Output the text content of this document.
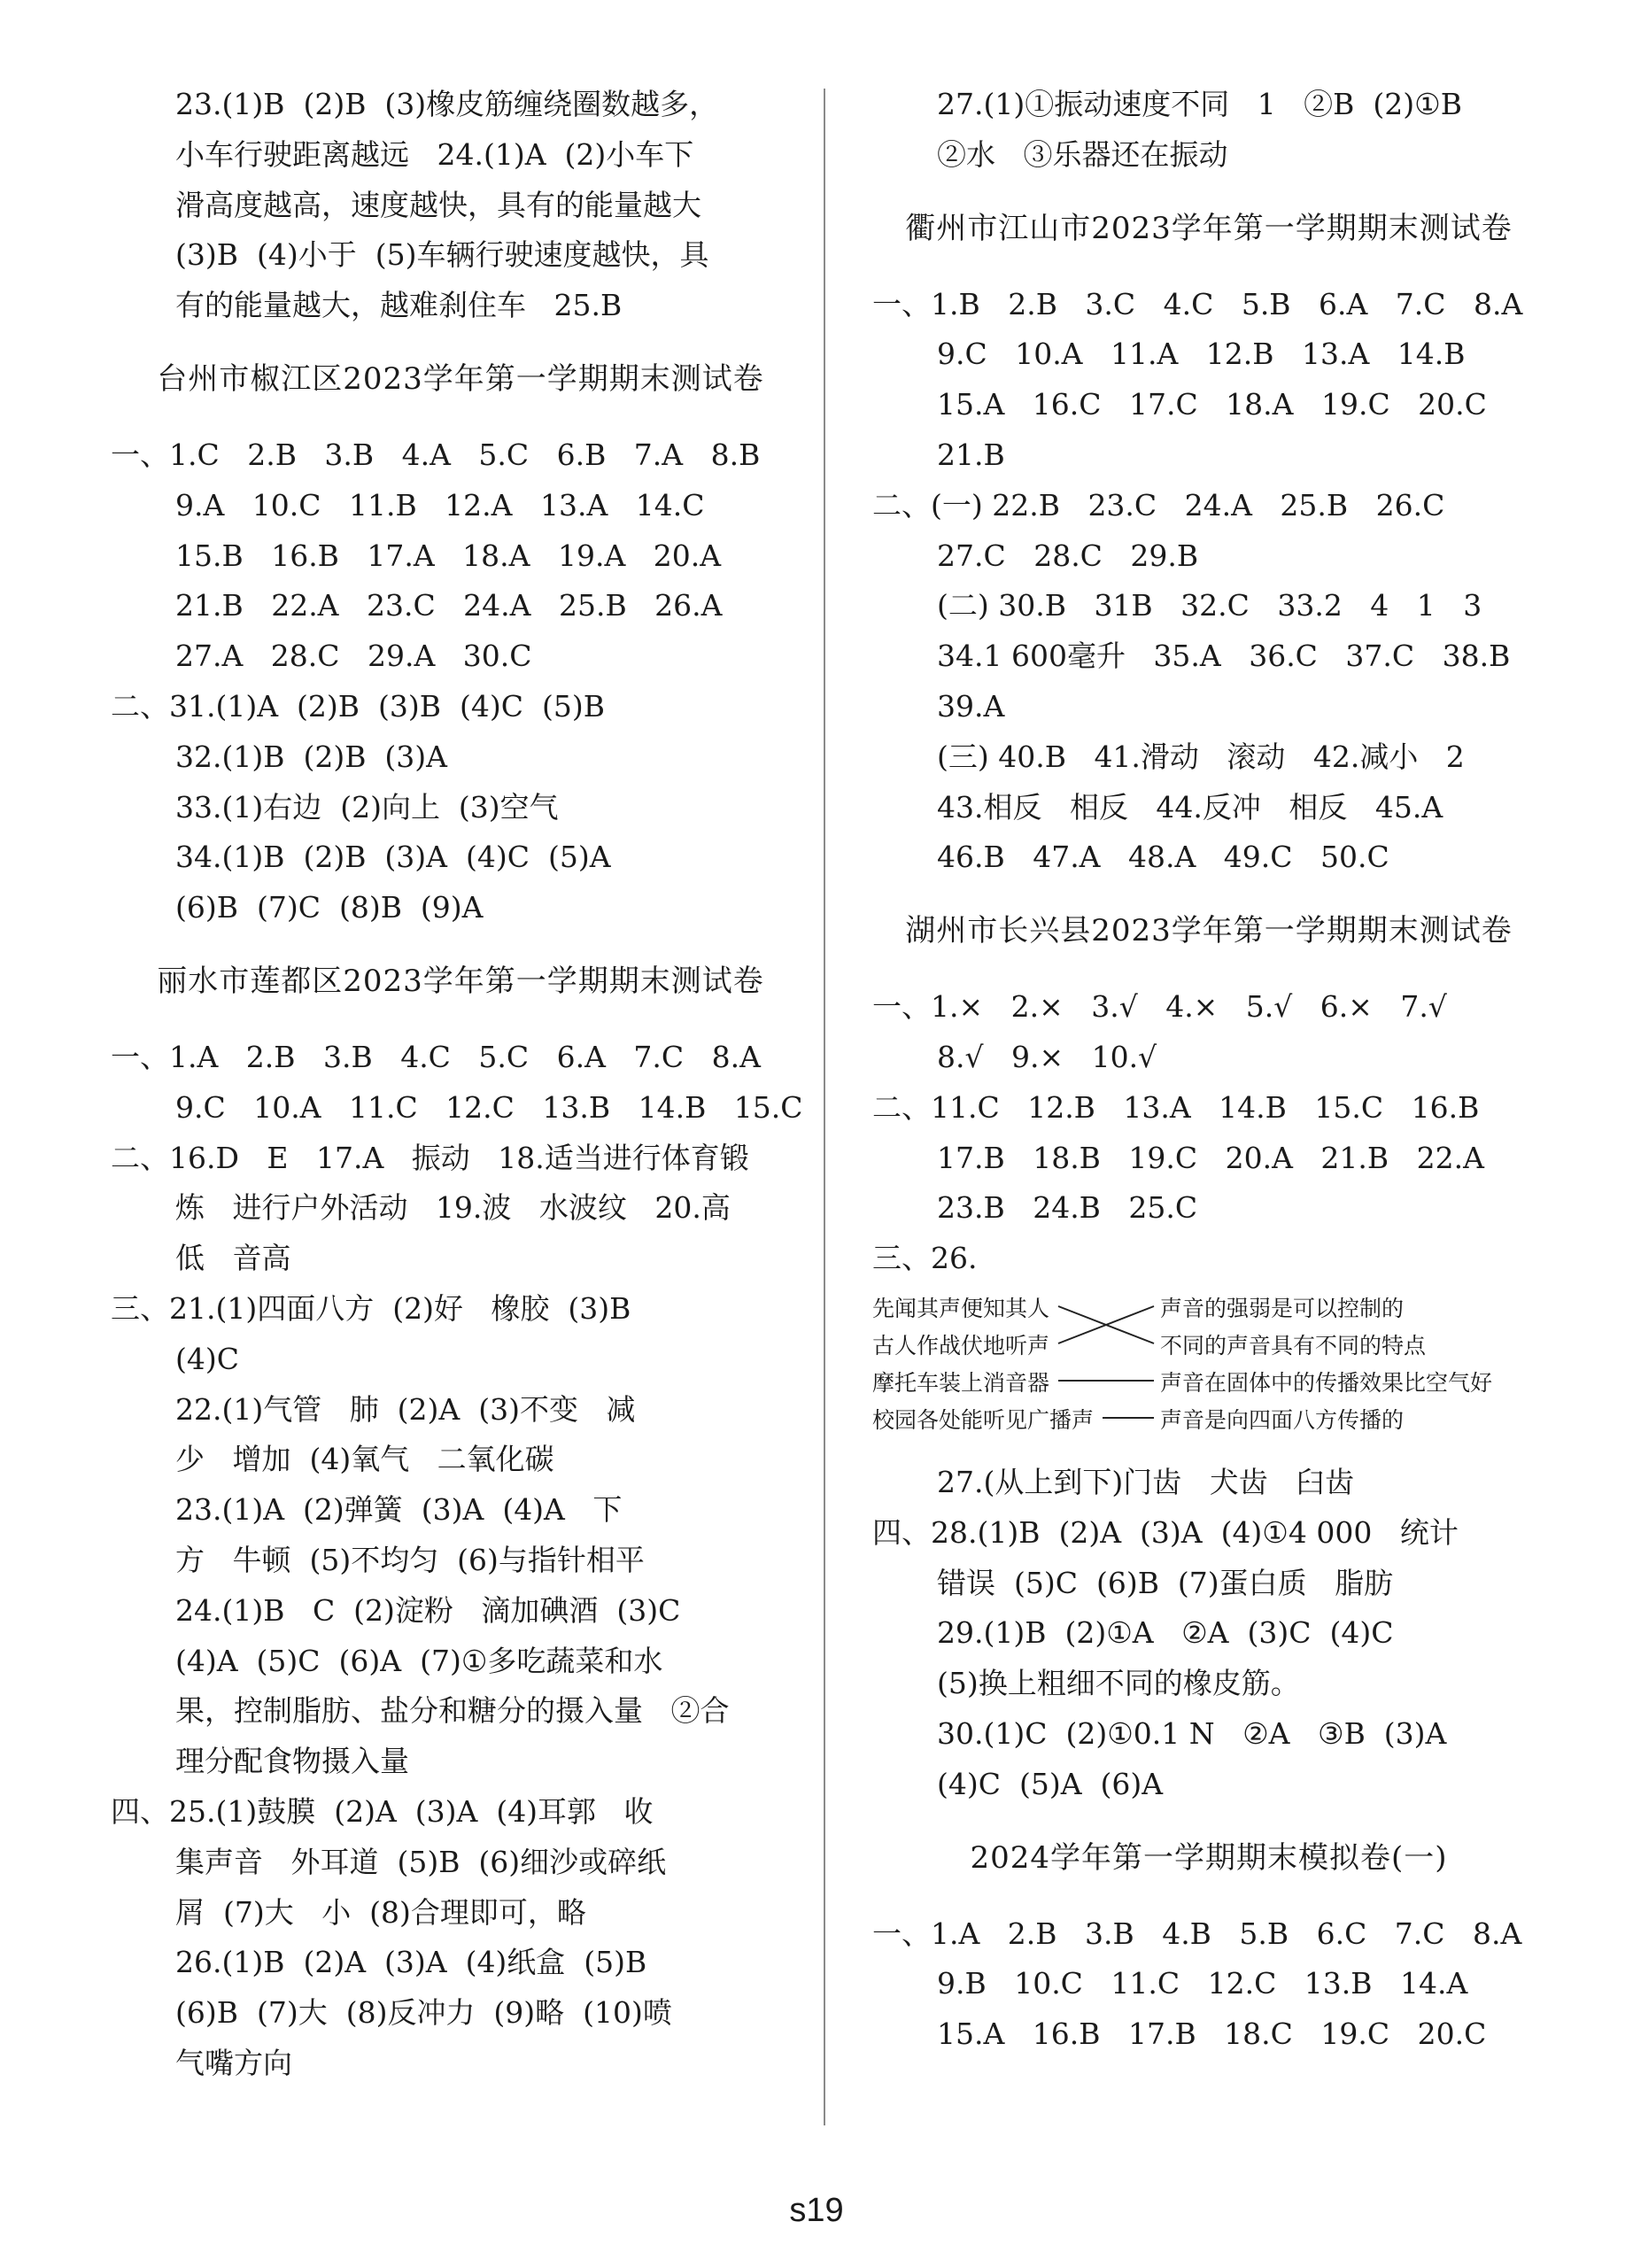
23.(1)B  (2)B  (3)橡皮筋缠绕圈数越多，
小车行驶距离越远   24.(1)A  (2)小车下
滑高度越高，速度越快，具有的能量越大
(3)B  (4)小于  (5)车辆行驶速度越快，具
有的能量越大，越难刹住车   25.B
台州市椒江区2023学年第一学期期末测试卷
一、1.C   2.B   3.B   4.A   5.C   6.B   7.A   8.B
9.A   10.C   11.B   12.A   13.A   14.C
15.B   16.B   17.A   18.A   19.A   20.A
21.B   22.A   23.C   24.A   25.B   26.A
27.A   28.C   29.A   30.C
二、31.(1)A  (2)B  (3)B  (4)C  (5)B
32.(1)B  (2)B  (3)A
33.(1)右边  (2)向上  (3)空气
34.(1)B  (2)B  (3)A  (4)C  (5)A
(6)B  (7)C  (8)B  (9)A
丽水市莲都区2023学年第一学期期末测试卷
一、1.A   2.B   3.B   4.C   5.C   6.A   7.C   8.A
9.C   10.A   11.C   12.C   13.B   14.B   15.C
二、16.D   E   17.A   振动   18.适当进行体育锻
炼   进行户外活动   19.波   水波纹   20.高
低   音高
三、21.(1)四面八方  (2)好   橡胶  (3)B
(4)C
22.(1)气管   肺  (2)A  (3)不变   减
少   增加  (4)氧气   二氧化碳
23.(1)A  (2)弹簧  (3)A  (4)A   下
方   牛顿  (5)不均匀  (6)与指针相平
24.(1)B   C  (2)淀粉   滴加碘酒  (3)C
(4)A  (5)C  (6)A  (7)①多吃蔬菜和水
果，控制脂肪、盐分和糖分的摄入量   ②合
理分配食物摄入量
四、25.(1)鼓膜  (2)A  (3)A  (4)耳郭   收
集声音   外耳道  (5)B  (6)细沙或碎纸
屑  (7)大   小  (8)合理即可，略
26.(1)B  (2)A  (3)A  (4)纸盒  (5)B
(6)B  (7)大  (8)反冲力  (9)略  (10)喷
气嘴方向
27.(1)①振动速度不同   1   ②B  (2)①B
②水   ③乐器还在振动
衢州市江山市2023学年第一学期期末测试卷
一、1.B   2.B   3.C   4.C   5.B   6.A   7.C   8.A
9.C   10.A   11.A   12.B   13.A   14.B
15.A   16.C   17.C   18.A   19.C   20.C
21.B
二、(一) 22.B   23.C   24.A   25.B   26.C
27.C   28.C   29.B
(二) 30.B   31B   32.C   33.2   4   1   3
34.1 600毫升   35.A   36.C   37.C   38.B
39.A
(三) 40.B   41.滑动   滚动   42.减小   2
43.相反   相反   44.反冲   相反   45.A
46.B   47.A   48.A   49.C   50.C
湖州市长兴县2023学年第一学期期末测试卷
一、1.×   2.×   3.√   4.×   5.√   6.×   7.√
8.√   9.×   10.√
二、11.C   12.B   13.A   14.B   15.C   16.B
17.B   18.B   19.C   20.A   21.B   22.A
23.B   24.B   25.C
三、26.
先闻其声便知其人
古人作战伏地听声
摩托车装上消音器
校园各处能听见广播声
声音的强弱是可以控制的
不同的声音具有不同的特点
声音在固体中的传播效果比空气好
声音是向四面八方传播的
27.(从上到下)门齿   犬齿   臼齿
四、28.(1)B  (2)A  (3)A  (4)①4 000   统计
错误  (5)C  (6)B  (7)蛋白质   脂肪
29.(1)B  (2)①A   ②A  (3)C  (4)C
(5)换上粗细不同的橡皮筋。
30.(1)C  (2)①0.1 N   ②A   ③B  (3)A
(4)C  (5)A  (6)A
2024学年第一学期期末模拟卷(一)
一、1.A   2.B   3.B   4.B   5.B   6.C   7.C   8.A
9.B   10.C   11.C   12.C   13.B   14.A
15.A   16.B   17.B   18.C   19.C   20.C
s19
